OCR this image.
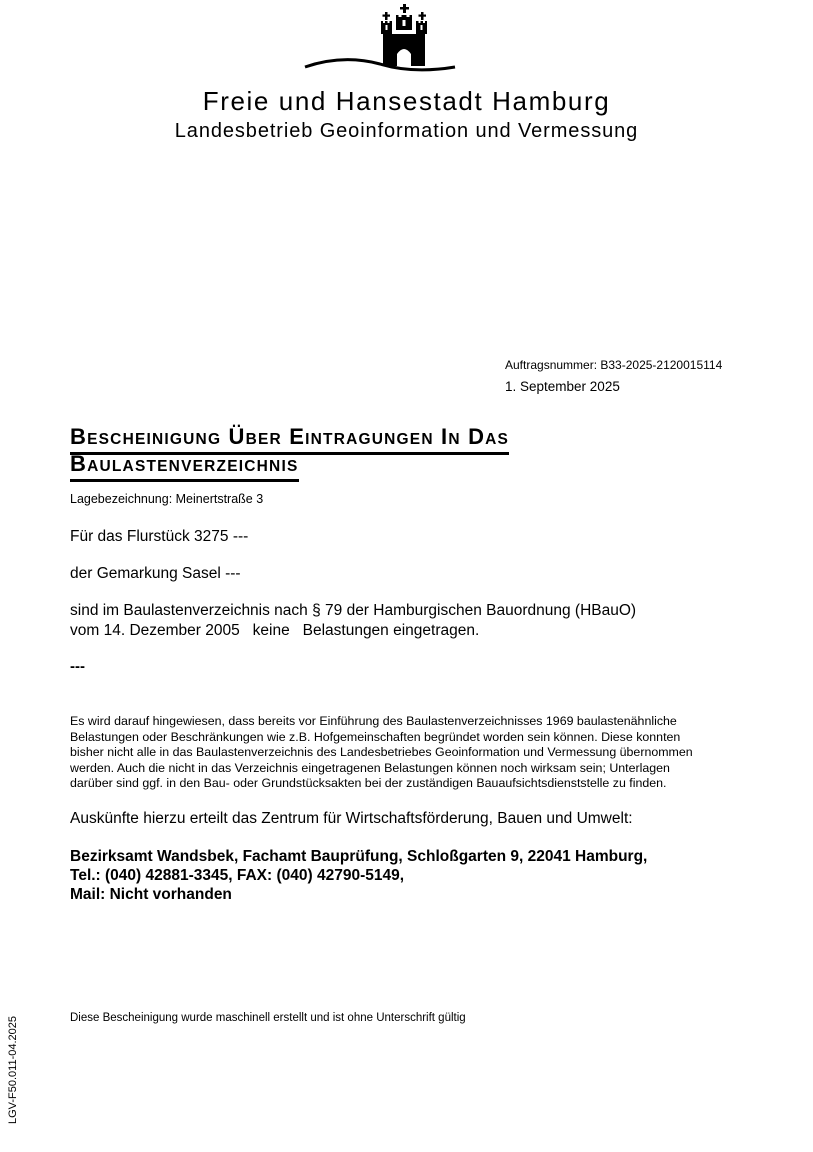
Freie und Hansestadt Hamburg
Landesbetrieb Geoinformation und Vermessung
Auftragsnummer: B33-2025-2120015114
1. September 2025
BESCHEINIGUNG ÜBER EINTRAGUNGEN IN DAS
BAULASTENVERZEICHNIS
Lagebezeichnung: Meinertstraße 3
Für das Flurstück 3275 ---
der Gemarkung Sasel ---
sind im Baulastenverzeichnis nach § 79 der Hamburgischen Bauordnung (HBauO)
vom 14. Dezember 2005   keine   Belastungen eingetragen.
---
Es wird darauf hingewiesen, dass bereits vor Einführung des Baulastenverzeichnisses 1969 baulastenähnliche
Belastungen oder Beschränkungen wie z.B. Hofgemeinschaften begründet worden sein können. Diese konnten
bisher nicht alle in das Baulastenverzeichnis des Landesbetriebes Geoinformation und Vermessung übernommen
werden. Auch die nicht in das Verzeichnis eingetragenen Belastungen können noch wirksam sein; Unterlagen
darüber sind ggf. in den Bau- oder Grundstücksakten bei der zuständigen Bauaufsichtsdienststelle zu finden.
Auskünfte hierzu erteilt das Zentrum für Wirtschaftsförderung, Bauen und Umwelt:
Bezirksamt Wandsbek, Fachamt Bauprüfung, Schloßgarten 9, 22041 Hamburg,
Tel.: (040) 42881-3345, FAX: (040) 42790-5149,
Mail: Nicht vorhanden
Diese Bescheinigung wurde maschinell erstellt und ist ohne Unterschrift gültig
LGV-F50.011-04.2025
